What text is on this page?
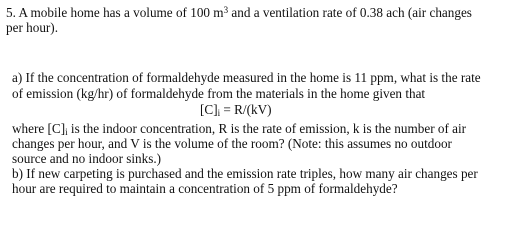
5. A mobile home has a volume of 100 $m^3$ and a ventilation rate of 0.38 ach (air changes
per hour).
a) If the concentration of formaldehyde measured in the home is 11 ppm, what is the rate
of emission (kg/hr) of formaldehyde from the materials in the home given that
$[C]_i = R/(kV)$
where $[C]_i$ is the indoor concentration, R is the rate of emission, k is the number of air
changes per hour, and V is the volume of the room? (Note: this assumes no outdoor
source and no indoor sinks.)
b) If new carpeting is purchased and the emission rate triples, how many air changes per
hour are required to maintain a concentration of 5 ppm of formaldehyde?
